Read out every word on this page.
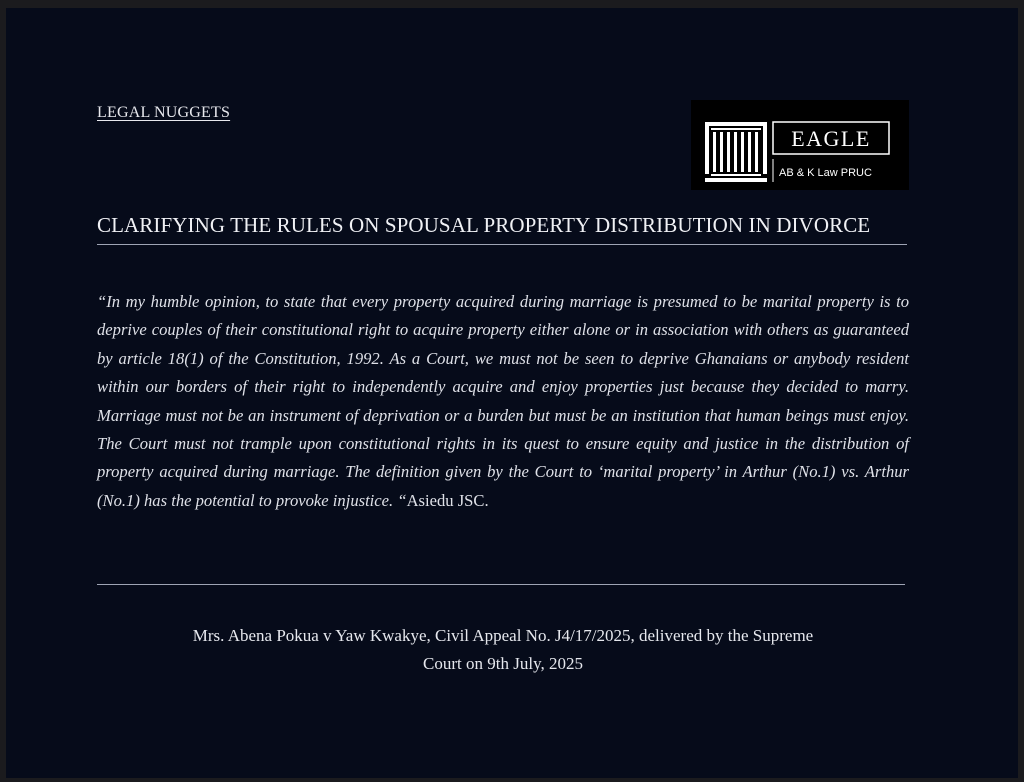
LEGAL NUGGETS
EAGLE
AB & K Law PRUC
CLARIFYING THE RULES ON SPOUSAL PROPERTY DISTRIBUTION IN DIVORCE
“In my humble opinion, to state that every property acquired during marriage is presumed to be marital property is to deprive couples of their constitutional right to acquire property either alone or in association with others as guaranteed by article 18(1) of the Constitution, 1992. As a Court, we must not be seen to deprive Ghanaians or anybody resident within our borders of their right to independently acquire and enjoy properties just because they decided to marry. Marriage must not be an instrument of deprivation or a burden but must be an institution that human beings must enjoy. The Court must not trample upon constitutional rights in its quest to ensure equity and justice in the distribution of property acquired during marriage. The definition given by the Court to ‘marital property’ in Arthur (No.1) vs. Arthur (No.1) has the potential to provoke injustice. “Asiedu JSC.
Mrs. Abena Pokua v Yaw Kwakye, Civil Appeal No. J4/17/2025, delivered by the Supreme
Court on 9th July, 2025
